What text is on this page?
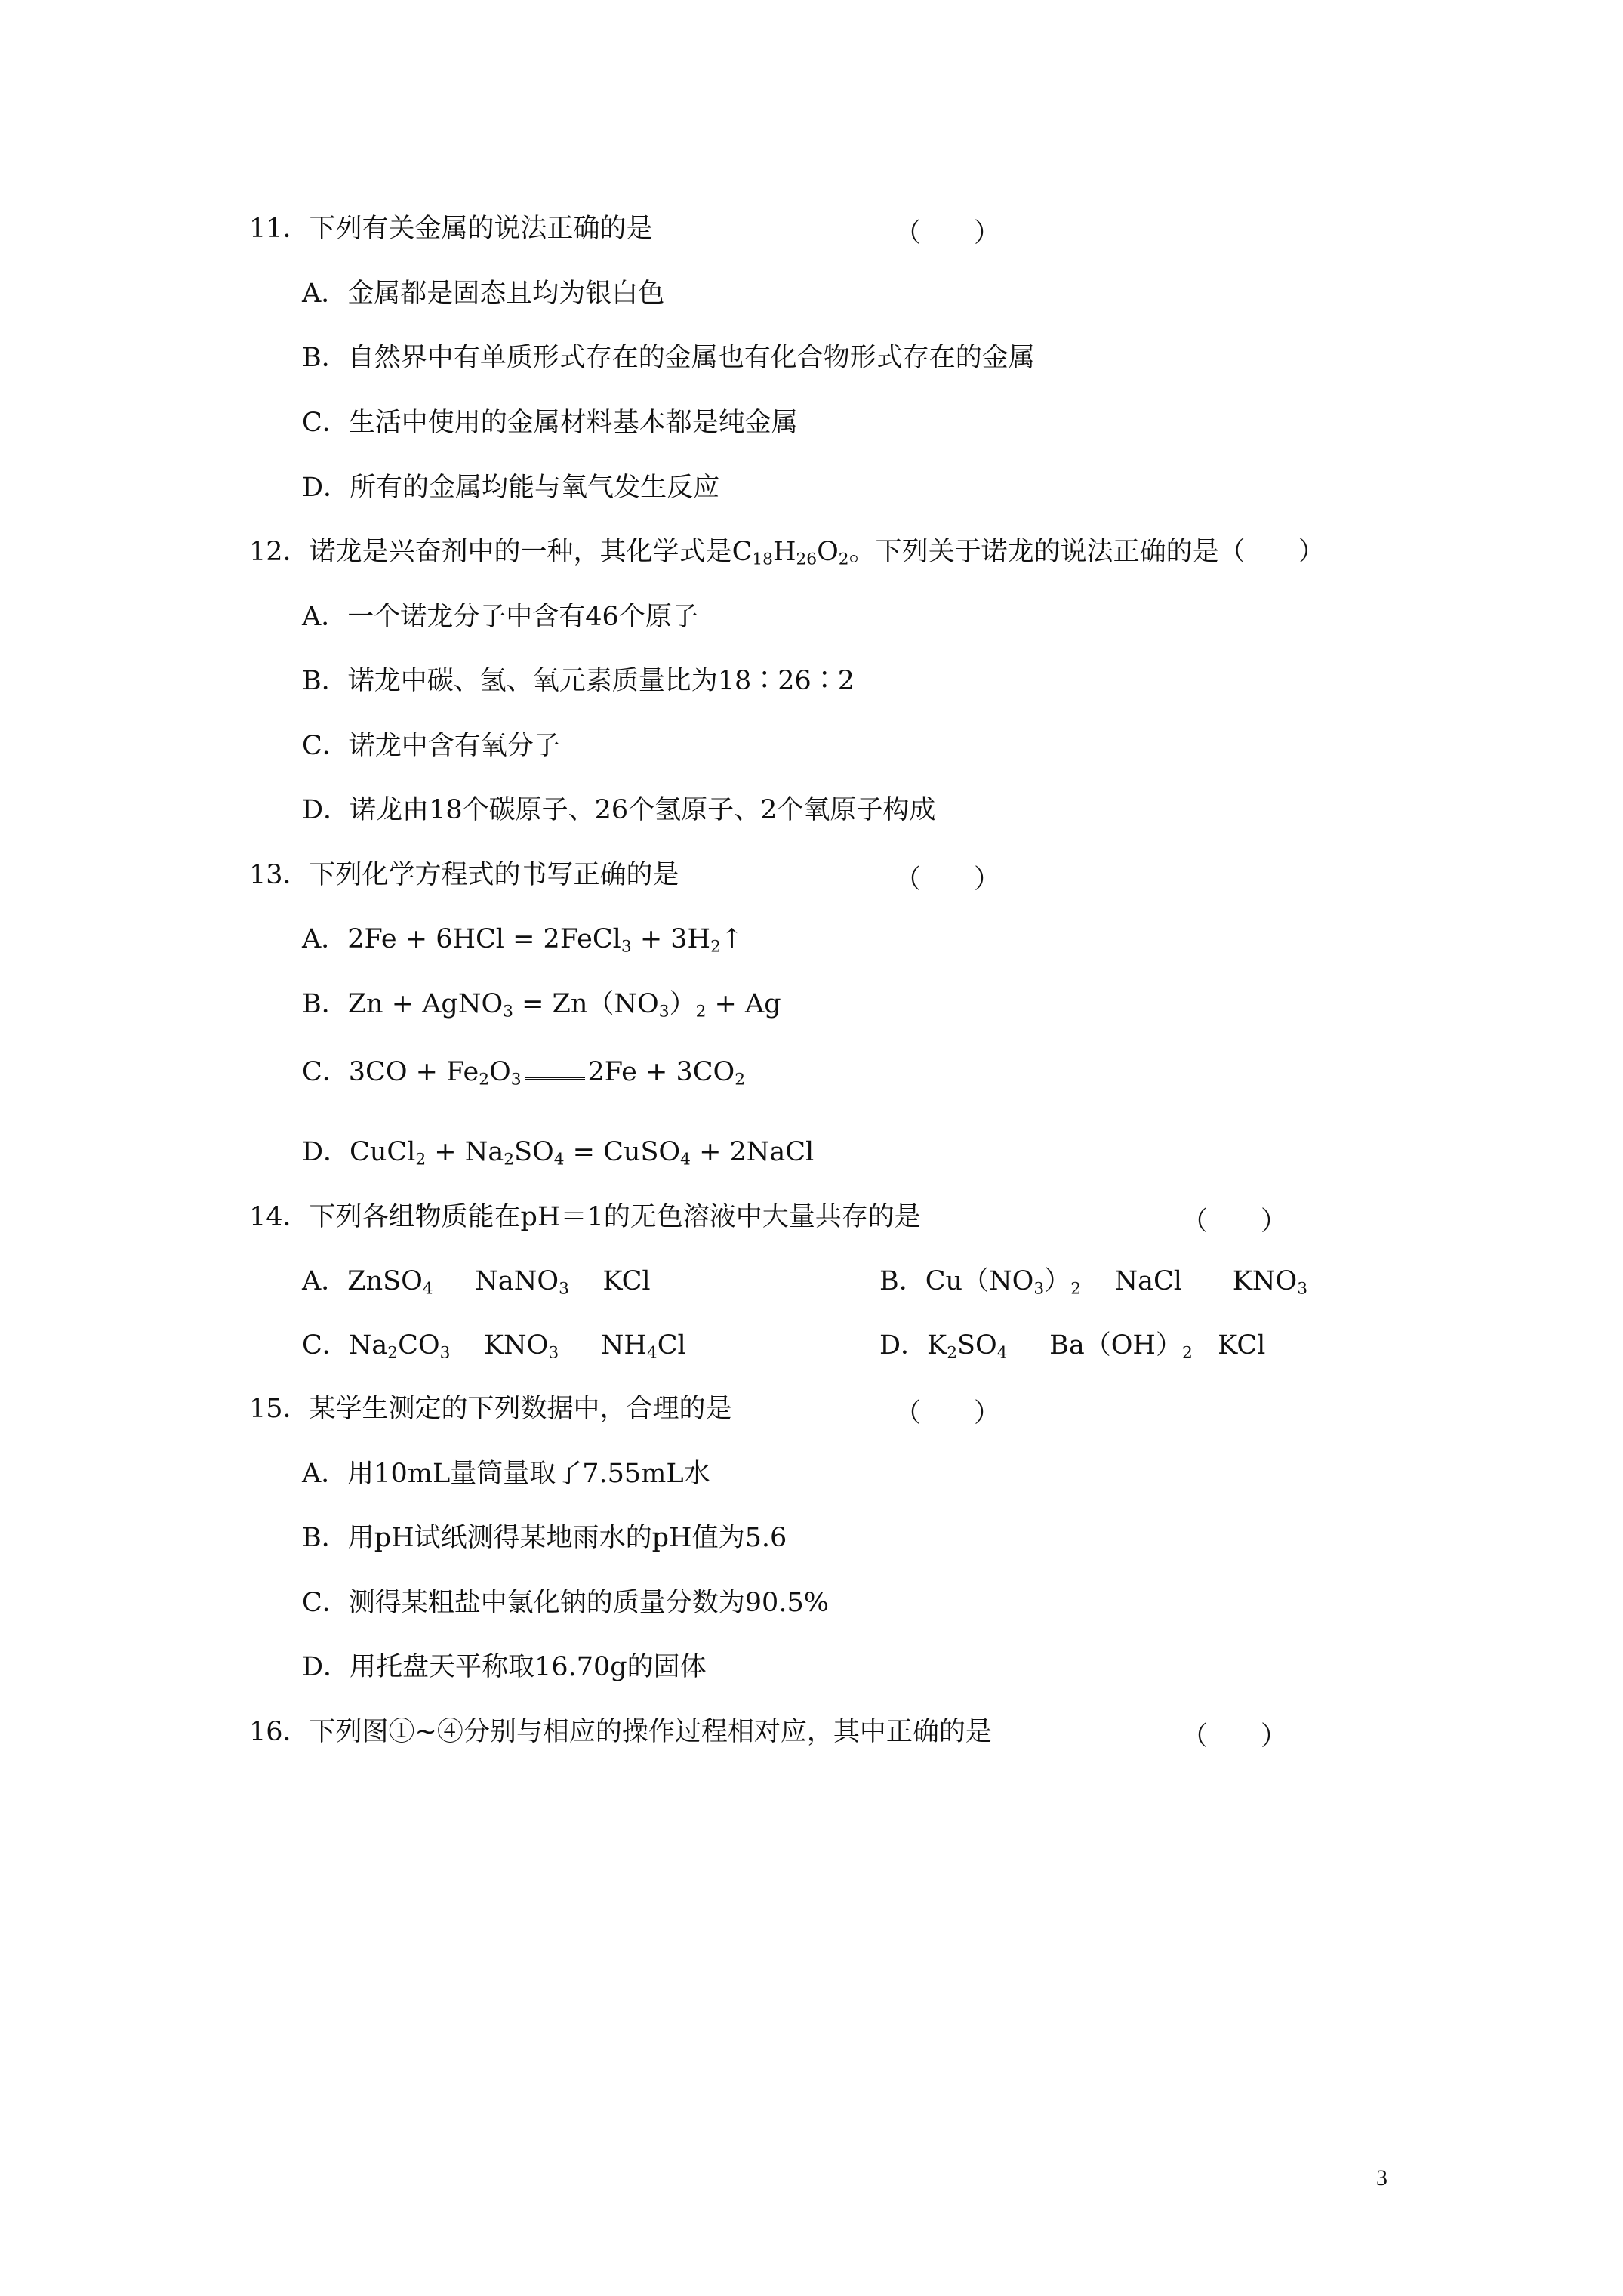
11．下列有关金属的说法正确的是	（　　）
A．金属都是固态且均为银白色
B．自然界中有单质形式存在的金属也有化合物形式存在的金属
C．生活中使用的金属材料基本都是纯金属
D．所有的金属均能与氧气发生反应
12．诺龙是兴奋剂中的一种，其化学式是$C_{18}H_{26}O_2$。下列关于诺龙的说法正确的是（　　）
A．一个诺龙分子中含有46个原子
B．诺龙中碳、氢、氧元素质量比为18∶26∶2
C．诺龙中含有氧分子
D．诺龙由18个碳原子、26个氢原子、2个氧原子构成
13．下列化学方程式的书写正确的是	（　　）
A．2Fe + 6HCl = 2FeCl$_3$ + $3H_2↑$
B．Zn + AgNO$_3$ = $Zn(NO_3)_2 + Ag$
C．$3CO + Fe_2O_3$	$2Fe + 3CO_2$
D．CuCl$_2$ + $Na_2SO_4$ = CuSO$_4$ + 2NaCl
14．下列各组物质能在pH＝1的无色溶液中大量共存的是	（　　）
A．ZnSO$_4$     NaNO$_3$    KCl	B．$Cu(NO_3)_2$    NaCl      $KNO_3$
C．$Na_2CO_3$    $KNO_3$     $NH_4Cl$	D．$K_2SO_4$     $Ba(OH)_2$   KCl
15．某学生测定的下列数据中，合理的是	（　　）
A．用10mL量筒量取了7.55mL水
B．用pH试纸测得某地雨水的pH值为5.6
C．测得某粗盐中氯化钠的质量分数为90.5%
D．用托盘天平称取16.70g的固体
16．下列图①~④分别与相应的操作过程相对应，其中正确的是	（　　）
3
